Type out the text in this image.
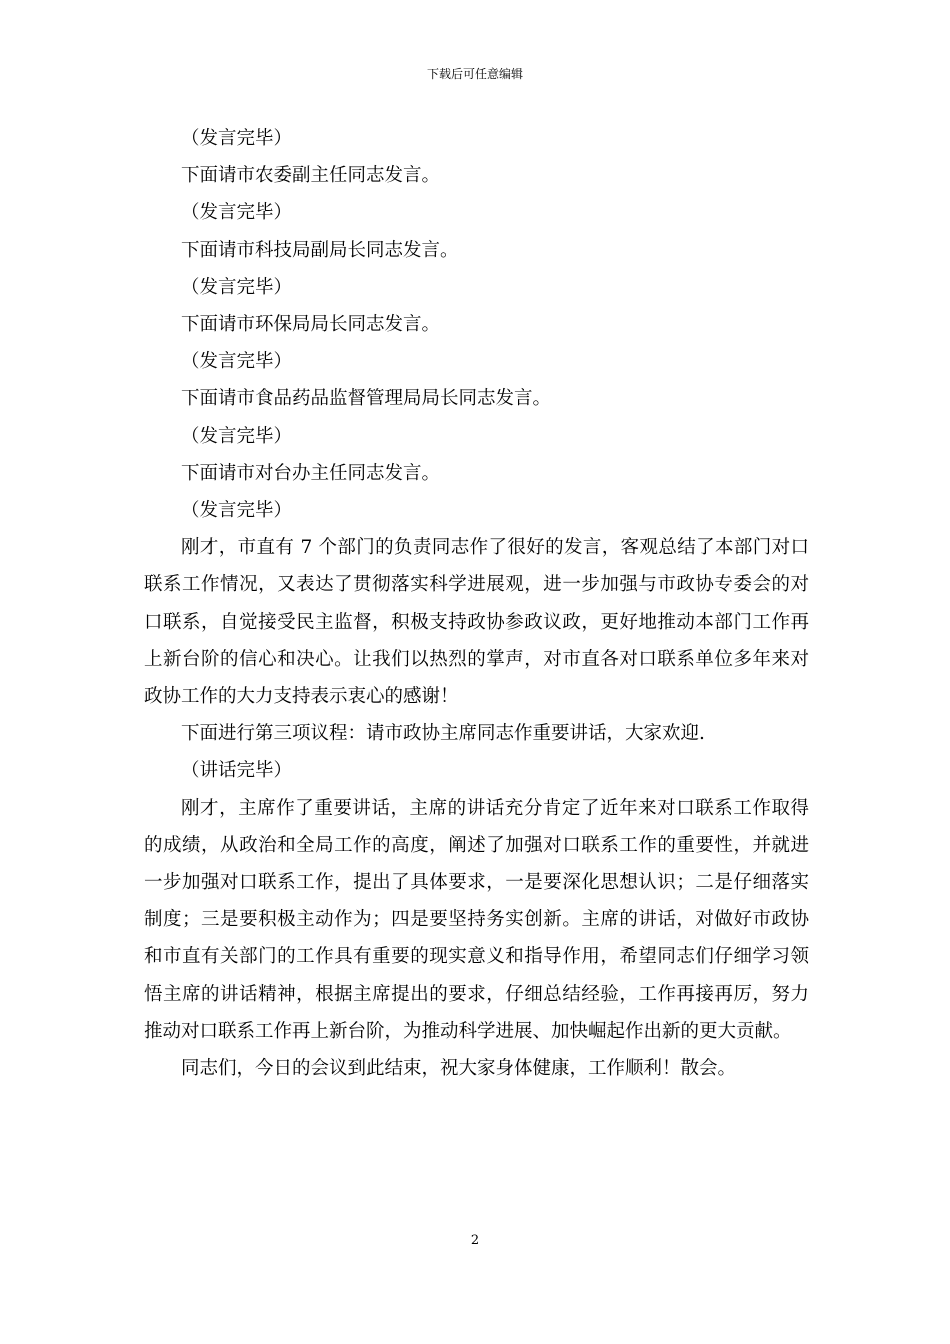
下载后可任意编辑

（发言完毕）

下面请市农委副主任同志发言。

（发言完毕）

下面请市科技局副局长同志发言。

（发言完毕）

下面请市环保局局长同志发言。

（发言完毕）

下面请市食品药品监督管理局局长同志发言。

（发言完毕）

下面请市对台办主任同志发言。

（发言完毕）

刚才，市直有 7 个部门的负责同志作了很好的发言，客观总结了本部门对口联系工作情况，又表达了贯彻落实科学进展观，进一步加强与市政协专委会的对口联系，自觉接受民主监督，积极支持政协参政议政，更好地推动本部门工作再上新台阶的信心和决心。让我们以热烈的掌声，对市直各对口联系单位多年来对政协工作的大力支持表示衷心的感谢！

下面进行第三项议程：请市政协主席同志作重要讲话，大家欢迎.

（讲话完毕）

刚才，主席作了重要讲话，主席的讲话充分肯定了近年来对口联系工作取得的成绩，从政治和全局工作的高度，阐述了加强对口联系工作的重要性，并就进一步加强对口联系工作，提出了具体要求，一是要深化思想认识；二是仔细落实制度；三是要积极主动作为；四是要坚持务实创新。主席的讲话，对做好市政协和市直有关部门的工作具有重要的现实意义和指导作用，希望同志们仔细学习领悟主席的讲话精神，根据主席提出的要求，仔细总结经验，工作再接再厉，努力推动对口联系工作再上新台阶，为推动科学进展、加快崛起作出新的更大贡献。

同志们，今日的会议到此结束，祝大家身体健康，工作顺利！散会。

2
